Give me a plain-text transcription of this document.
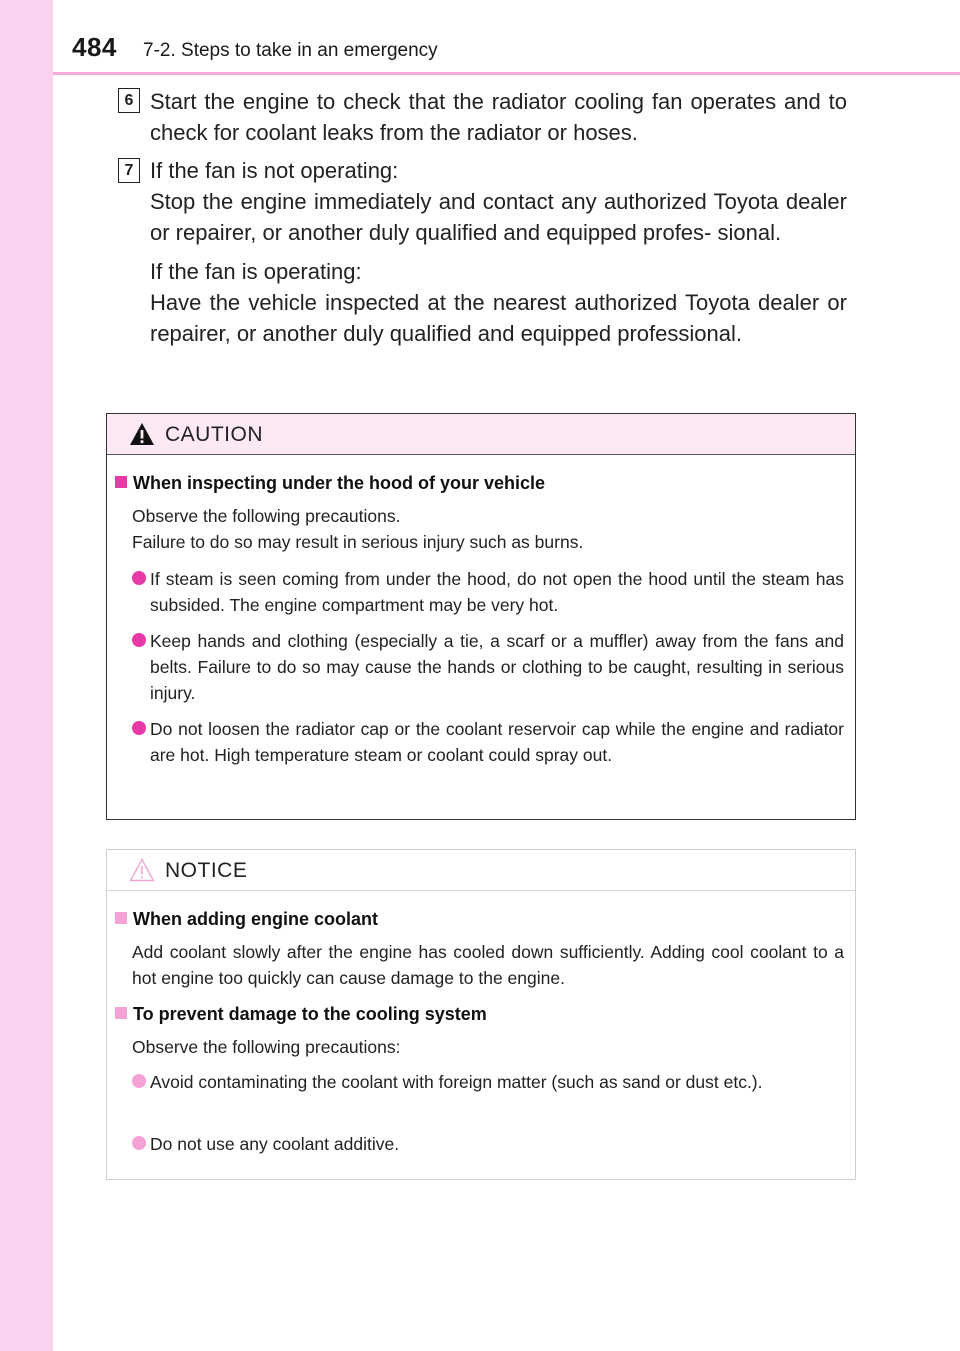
484 7-2. Steps to take in an emergency
6 Start the engine to check that the radiator cooling fan operates and to check for coolant leaks from the radiator or hoses.

7 If the fan is not operating:

Stop the engine immediately and contact any authorized Toyota dealer or repairer, or another duly qualified and equipped profes- sional.

If the fan is operating:

Have the vehicle inspected at the nearest authorized Toyota dealer or repairer, or another duly qualified and equipped professional.

CAUTION
When inspecting under the hood of your vehicle
Observe the following precautions.
Failure to do so may result in serious injury such as burns.
If steam is seen coming from under the hood, do not open the hood until the steam has subsided. The engine compartment may be very hot.
Keep hands and clothing (especially a tie, a scarf or a muffler) away from the fans and belts. Failure to do so may cause the hands or clothing to be caught, resulting in serious injury.
Do not loosen the radiator cap or the coolant reservoir cap while the engine and radiator are hot. High temperature steam or coolant could spray out.
NOTICE
When adding engine coolant
Add coolant slowly after the engine has cooled down sufficiently. Adding cool coolant to a hot engine too quickly can cause damage to the engine.
To prevent damage to the cooling system
Observe the following precautions:
Avoid contaminating the coolant with foreign matter (such as sand or dust etc.).
Do not use any coolant additive.
